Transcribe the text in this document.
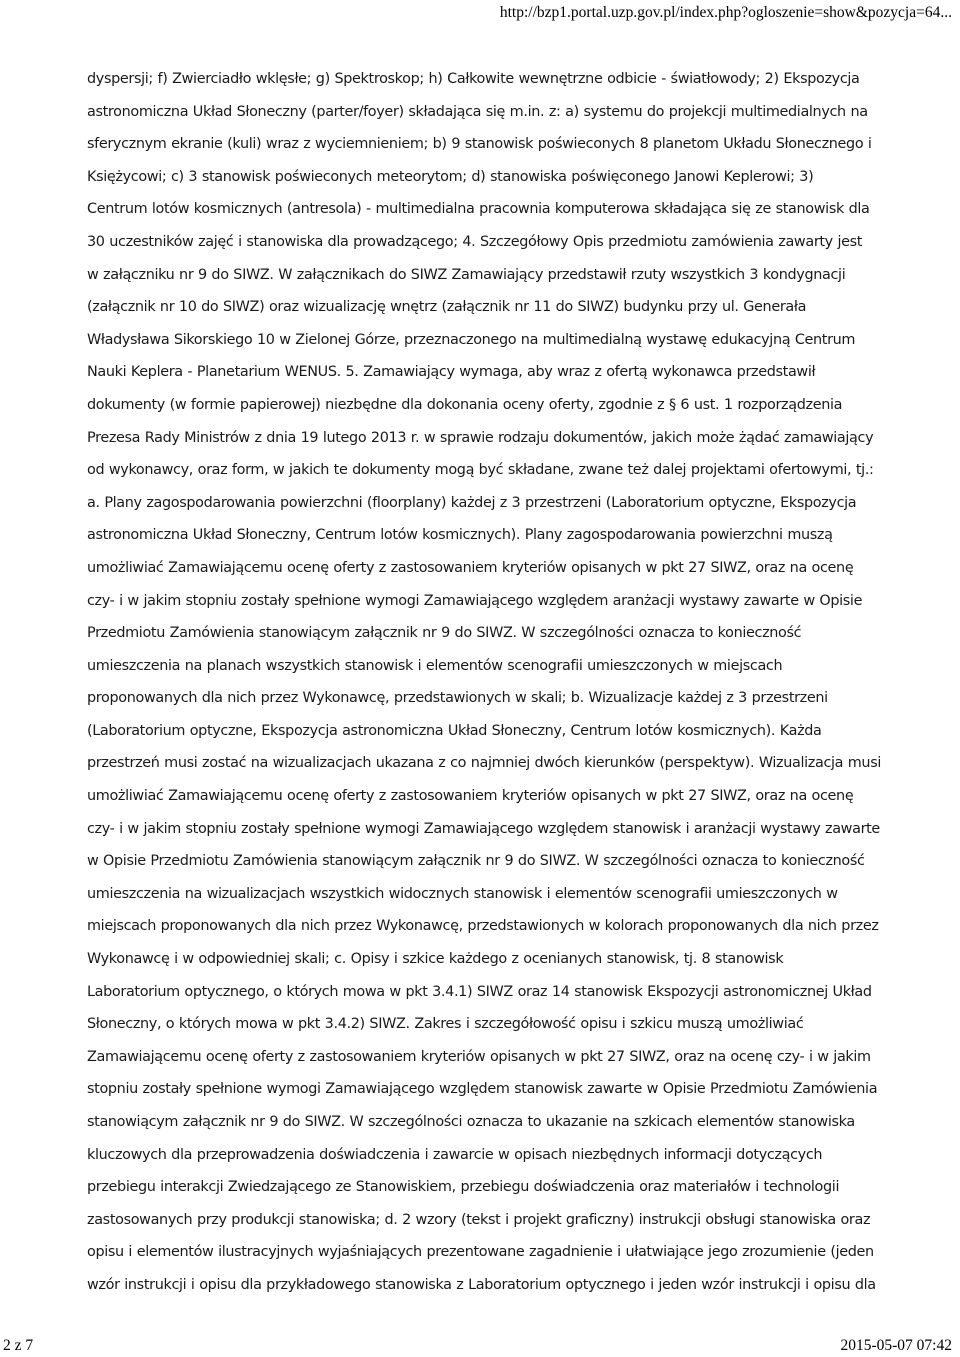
http://bzp1.portal.uzp.gov.pl/index.php?ogloszenie=show&pozycja=64...
dyspersji; f) Zwierciadło wklęsłe; g) Spektroskop; h) Całkowite wewnętrzne odbicie - światłowody; 2) Ekspozycja
astronomiczna Układ Słoneczny (parter/foyer) składająca się m.in. z: a) systemu do projekcji multimedialnych na
sferycznym ekranie (kuli) wraz z wyciemnieniem; b) 9 stanowisk poświeconych 8 planetom Układu Słonecznego i
Księżycowi; c) 3 stanowisk poświeconych meteorytom; d) stanowiska poświęconego Janowi Keplerowi; 3)
Centrum lotów kosmicznych (antresola) - multimedialna pracownia komputerowa składająca się ze stanowisk dla
30 uczestników zajęć i stanowiska dla prowadzącego; 4. Szczegółowy Opis przedmiotu zamówienia zawarty jest
w załączniku nr 9 do SIWZ. W załącznikach do SIWZ Zamawiający przedstawił rzuty wszystkich 3 kondygnacji
(załącznik nr 10 do SIWZ) oraz wizualizację wnętrz (załącznik nr 11 do SIWZ) budynku przy ul. Generała
Władysława Sikorskiego 10 w Zielonej Górze, przeznaczonego na multimedialną wystawę edukacyjną Centrum
Nauki Keplera - Planetarium WENUS. 5. Zamawiający wymaga, aby wraz z ofertą wykonawca przedstawił
dokumenty (w formie papierowej) niezbędne dla dokonania oceny oferty, zgodnie z § 6 ust. 1 rozporządzenia
Prezesa Rady Ministrów z dnia 19 lutego 2013 r. w sprawie rodzaju dokumentów, jakich może żądać zamawiający
od wykonawcy, oraz form, w jakich te dokumenty mogą być składane, zwane też dalej projektami ofertowymi, tj.:
a. Plany zagospodarowania powierzchni (floorplany) każdej z 3 przestrzeni (Laboratorium optyczne, Ekspozycja
astronomiczna Układ Słoneczny, Centrum lotów kosmicznych). Plany zagospodarowania powierzchni muszą
umożliwiać Zamawiającemu ocenę oferty z zastosowaniem kryteriów opisanych w pkt 27 SIWZ, oraz na ocenę
czy- i w jakim stopniu zostały spełnione wymogi Zamawiającego względem aranżacji wystawy zawarte w Opisie
Przedmiotu Zamówienia stanowiącym załącznik nr 9 do SIWZ. W szczególności oznacza to konieczność
umieszczenia na planach wszystkich stanowisk i elementów scenografii umieszczonych w miejscach
proponowanych dla nich przez Wykonawcę, przedstawionych w skali; b. Wizualizacje każdej z 3 przestrzeni
(Laboratorium optyczne, Ekspozycja astronomiczna Układ Słoneczny, Centrum lotów kosmicznych). Każda
przestrzeń musi zostać na wizualizacjach ukazana z co najmniej dwóch kierunków (perspektyw). Wizualizacja musi
umożliwiać Zamawiającemu ocenę oferty z zastosowaniem kryteriów opisanych w pkt 27 SIWZ, oraz na ocenę
czy- i w jakim stopniu zostały spełnione wymogi Zamawiającego względem stanowisk i aranżacji wystawy zawarte
w Opisie Przedmiotu Zamówienia stanowiącym załącznik nr 9 do SIWZ. W szczególności oznacza to konieczność
umieszczenia na wizualizacjach wszystkich widocznych stanowisk i elementów scenografii umieszczonych w
miejscach proponowanych dla nich przez Wykonawcę, przedstawionych w kolorach proponowanych dla nich przez
Wykonawcę i w odpowiedniej skali; c. Opisy i szkice każdego z ocenianych stanowisk, tj. 8 stanowisk
Laboratorium optycznego, o których mowa w pkt 3.4.1) SIWZ oraz 14 stanowisk Ekspozycji astronomicznej Układ
Słoneczny, o których mowa w pkt 3.4.2) SIWZ. Zakres i szczegółowość opisu i szkicu muszą umożliwiać
Zamawiającemu ocenę oferty z zastosowaniem kryteriów opisanych w pkt 27 SIWZ, oraz na ocenę czy- i w jakim
stopniu zostały spełnione wymogi Zamawiającego względem stanowisk zawarte w Opisie Przedmiotu Zamówienia
stanowiącym załącznik nr 9 do SIWZ. W szczególności oznacza to ukazanie na szkicach elementów stanowiska
kluczowych dla przeprowadzenia doświadczenia i zawarcie w opisach niezbędnych informacji dotyczących
przebiegu interakcji Zwiedzającego ze Stanowiskiem, przebiegu doświadczenia oraz materiałów i technologii
zastosowanych przy produkcji stanowiska; d. 2 wzory (tekst i projekt graficzny) instrukcji obsługi stanowiska oraz
opisu i elementów ilustracyjnych wyjaśniających prezentowane zagadnienie i ułatwiające jego zrozumienie (jeden
wzór instrukcji i opisu dla przykładowego stanowiska z Laboratorium optycznego i jeden wzór instrukcji i opisu dla
2 z 7	2015-05-07 07:42
